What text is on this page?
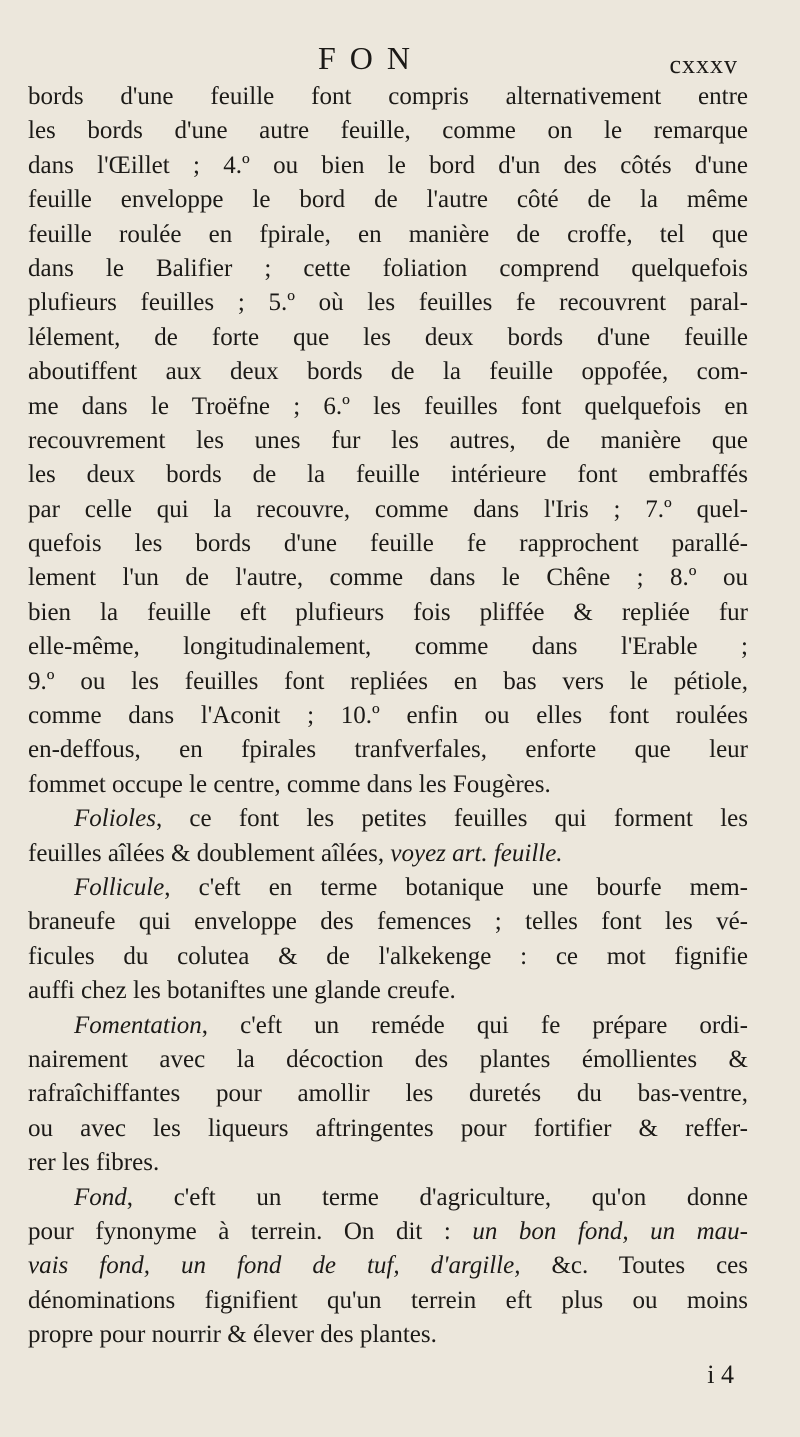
FON	cxxxv
bords d'une feuille font compris alternativement entre
les bords d'une autre feuille, comme on le remarque
dans l'Œillet ; 4.º ou bien le bord d'un des côtés d'une
feuille enveloppe le bord de l'autre côté de la même
feuille roulée en fpirale, en manière de croffe, tel que
dans le Balifier ; cette foliation comprend quelquefois
plufieurs feuilles ; 5.º où les feuilles fe recouvrent paral-
lélement, de forte que les deux bords d'une feuille
aboutiffent aux deux bords de la feuille oppofée, com-
me dans le Troëfne ; 6.º les feuilles font quelquefois en
recouvrement les unes fur les autres, de manière que
les deux bords de la feuille intérieure font embraffés
par celle qui la recouvre, comme dans l'Iris ; 7.º quel-
quefois les bords d'une feuille fe rapprochent parallé-
lement l'un de l'autre, comme dans le Chêne ; 8.º ou
bien la feuille eft plufieurs fois pliffée & repliée fur
elle-même, longitudinalement, comme dans l'Erable ;
9.º ou les feuilles font repliées en bas vers le pétiole,
comme dans l'Aconit ; 10.º enfin ou elles font roulées
en-deffous, en fpirales tranfverfales, enforte que leur
fommet occupe le centre, comme dans les Fougères.
Folioles, ce font les petites feuilles qui forment les
feuilles aîlées & doublement aîlées, voyez art. feuille.
Follicule, c'eft en terme botanique une bourfe mem-
braneufe qui enveloppe des femences ; telles font les vé-
ficules du colutea & de l'alkekenge : ce mot fignifie
auffi chez les botaniftes une glande creufe.
Fomentation, c'eft un reméde qui fe prépare ordi-
nairement avec la décoction des plantes émollientes &
rafraîchiffantes pour amollir les duretés du bas-ventre,
ou avec les liqueurs aftringentes pour fortifier & reffer-
rer les fibres.
Fond, c'eft un terme d'agriculture, qu'on donne
pour fynonyme à terrein. On dit : un bon fond, un mau-
vais fond, un fond de tuf, d'argille, &c. Toutes ces
dénominations fignifient qu'un terrein eft plus ou moins
propre pour nourrir & élever des plantes.
i 4
